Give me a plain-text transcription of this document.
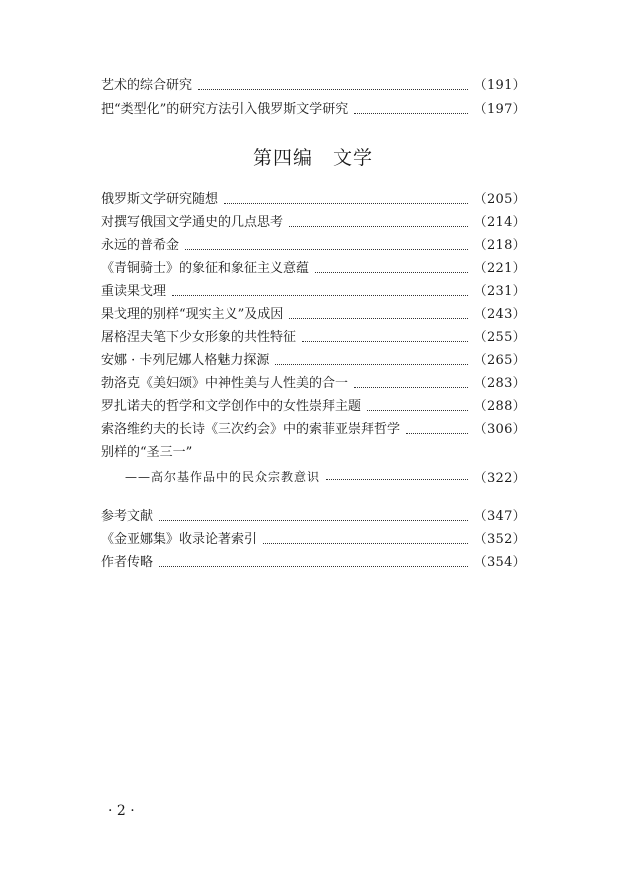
艺术的综合研究	（191）
把“类型化”的研究方法引入俄罗斯文学研究	（197）
第四编　文学
俄罗斯文学研究随想	（205）
对撰写俄国文学通史的几点思考	（214）
永远的普希金	（218）
《青铜骑士》的象征和象征主义意蕴	（221）
重读果戈理	（231）
果戈理的别样“现实主义”及成因	（243）
屠格涅夫笔下少女形象的共性特征	（255）
安娜 · 卡列尼娜人格魅力探源	（265）
勃洛克《美妇颂》中神性美与人性美的合一	（283）
罗扎诺夫的哲学和文学创作中的女性崇拜主题	（288）
索洛维约夫的长诗《三次约会》中的索菲亚崇拜哲学	（306）
别样的“圣三一”
——高尔基作品中的民众宗教意识	（322）
参考文献	（347）
《金亚娜集》收录论著索引	（352）
作者传略	（354）
· 2 ·
